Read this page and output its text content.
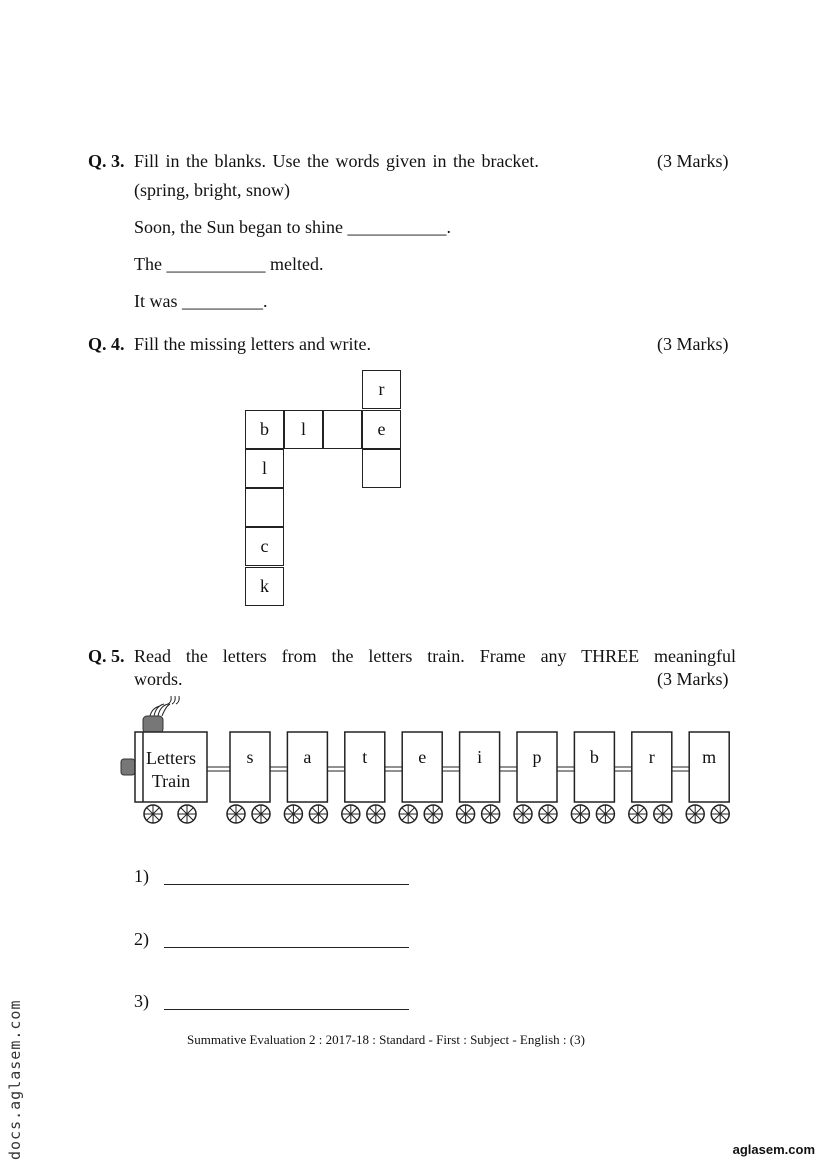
Q. 3. Fill in the blanks. Use the words given in the bracket.	(3 Marks)
(spring, bright, snow)
Soon, the Sun began to shine ___________.
The ___________ melted.
It was _________.
Q. 4. Fill the missing letters and write.	(3 Marks)
r
b	l	e
l
c
k
Q. 5. Read the letters from the letters train. Frame any THREE meaningful
words.	(3 Marks)
Letters
Train
s	a	t	e	i	p	b	r	m
1)
2)
3)
Summative Evaluation 2 : 2017-18 : Standard - First : Subject - English : (3)
docs.aglasem.com	aglasem.com
